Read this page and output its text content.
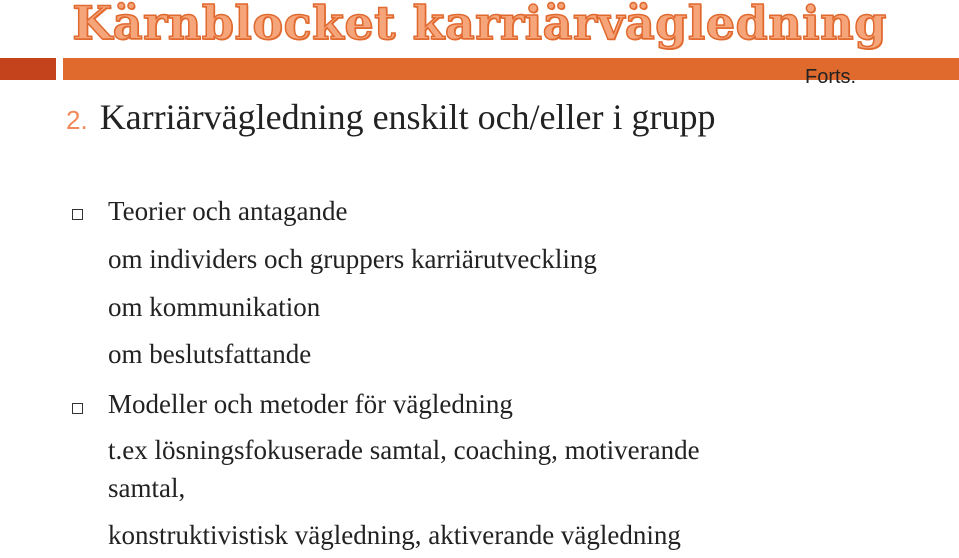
Kärnblocket karriärvägledning
Forts.
2. Karriärvägledning enskilt och/eller i grupp
Teorier och antagande
om individers och gruppers karriärutveckling
om kommunikation
om beslutsfattande
Modeller och metoder för vägledning
t.ex lösningsfokuserade samtal, coaching, motiverande
samtal,
konstruktivistisk vägledning, aktiverande vägledning
